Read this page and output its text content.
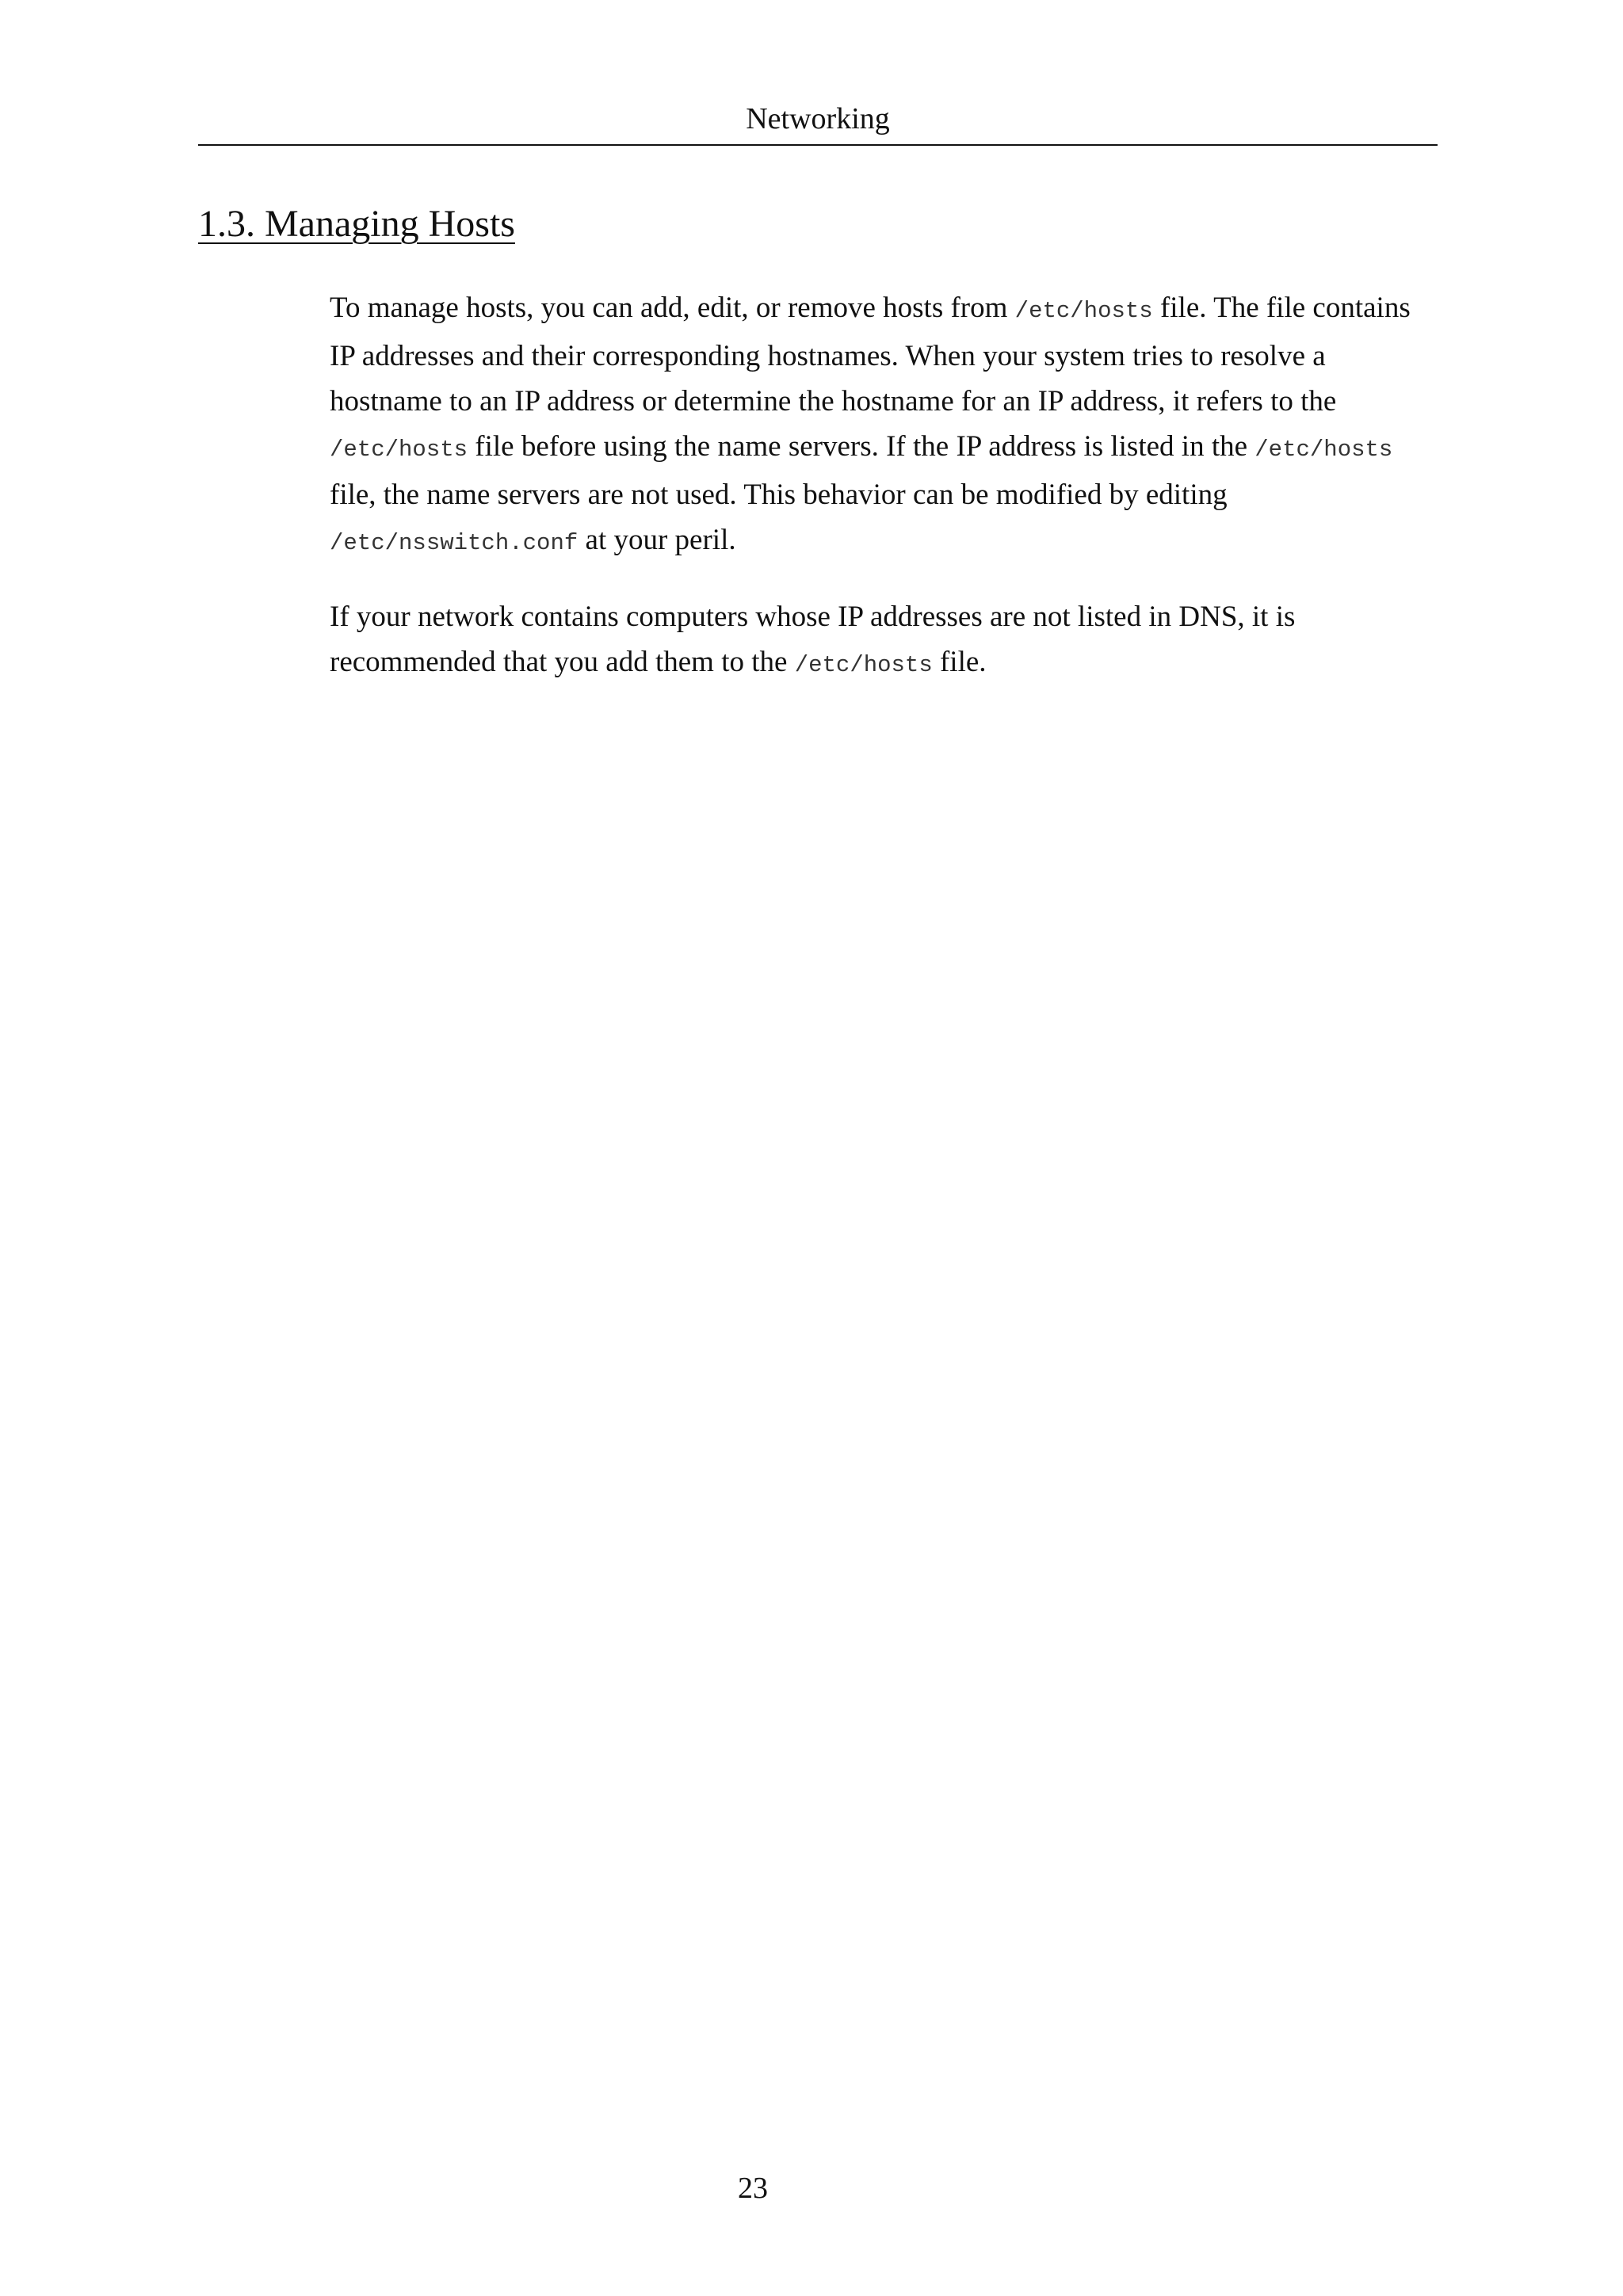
Networking
1.3. Managing Hosts

To manage hosts, you can add, edit, or remove hosts from /etc/hosts file. The file contains IP addresses and their corresponding hostnames. When your system tries to resolve a hostname to an IP address or determine the hostname for an IP address, it refers to the /etc/hosts file before using the name servers. If the IP address is listed in the /etc/hosts file, the name servers are not used. This behavior can be modified by editing /etc/nsswitch.conf at your peril.

If your network contains computers whose IP addresses are not listed in DNS, it is recommended that you add them to the /etc/hosts file.

23
